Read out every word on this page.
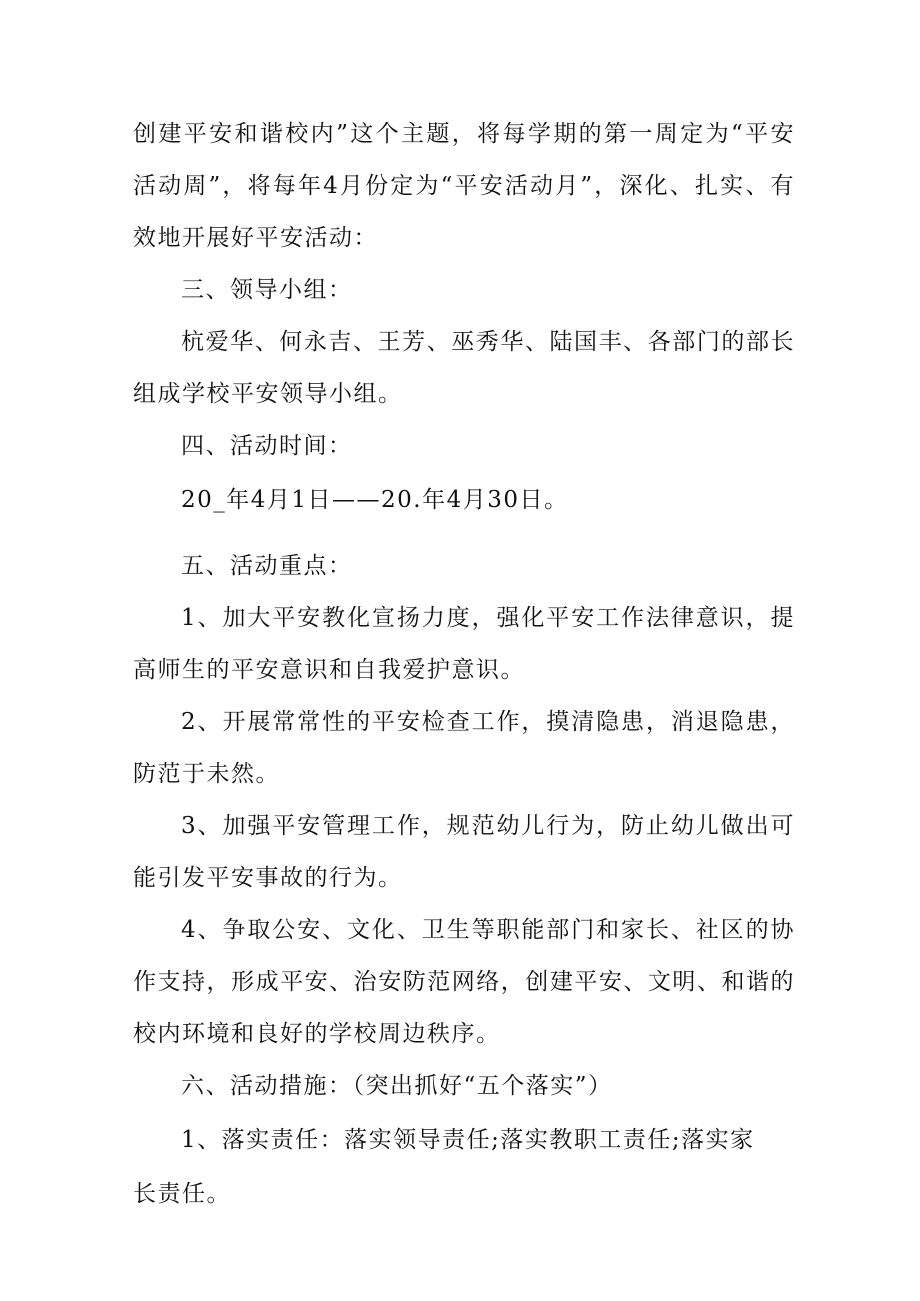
创建平安和谐校内”这个主题，将每学期的第一周定为“平安活动周”，将每年4月份定为“平安活动月”，深化、扎实、有效地开展好平安活动：

三、领导小组：

杭爱华、何永吉、王芳、巫秀华、陆国丰、各部门的部长组成学校平安领导小组。

四、活动时间：

20_年4月1日——20.年4月30日。

五、活动重点：

1、加大平安教化宣扬力度，强化平安工作法律意识，提高师生的平安意识和自我爱护意识。

2、开展常常性的平安检查工作，摸清隐患，消退隐患，防范于未然。

3、加强平安管理工作，规范幼儿行为，防止幼儿做出可能引发平安事故的行为。

4、争取公安、文化、卫生等职能部门和家长、社区的协作支持，形成平安、治安防范网络，创建平安、文明、和谐的校内环境和良好的学校周边秩序。

六、活动措施：（突出抓好“五个落实”）

1、落实责任：落实领导责任;落实教职工责任;落实家

长责任。
